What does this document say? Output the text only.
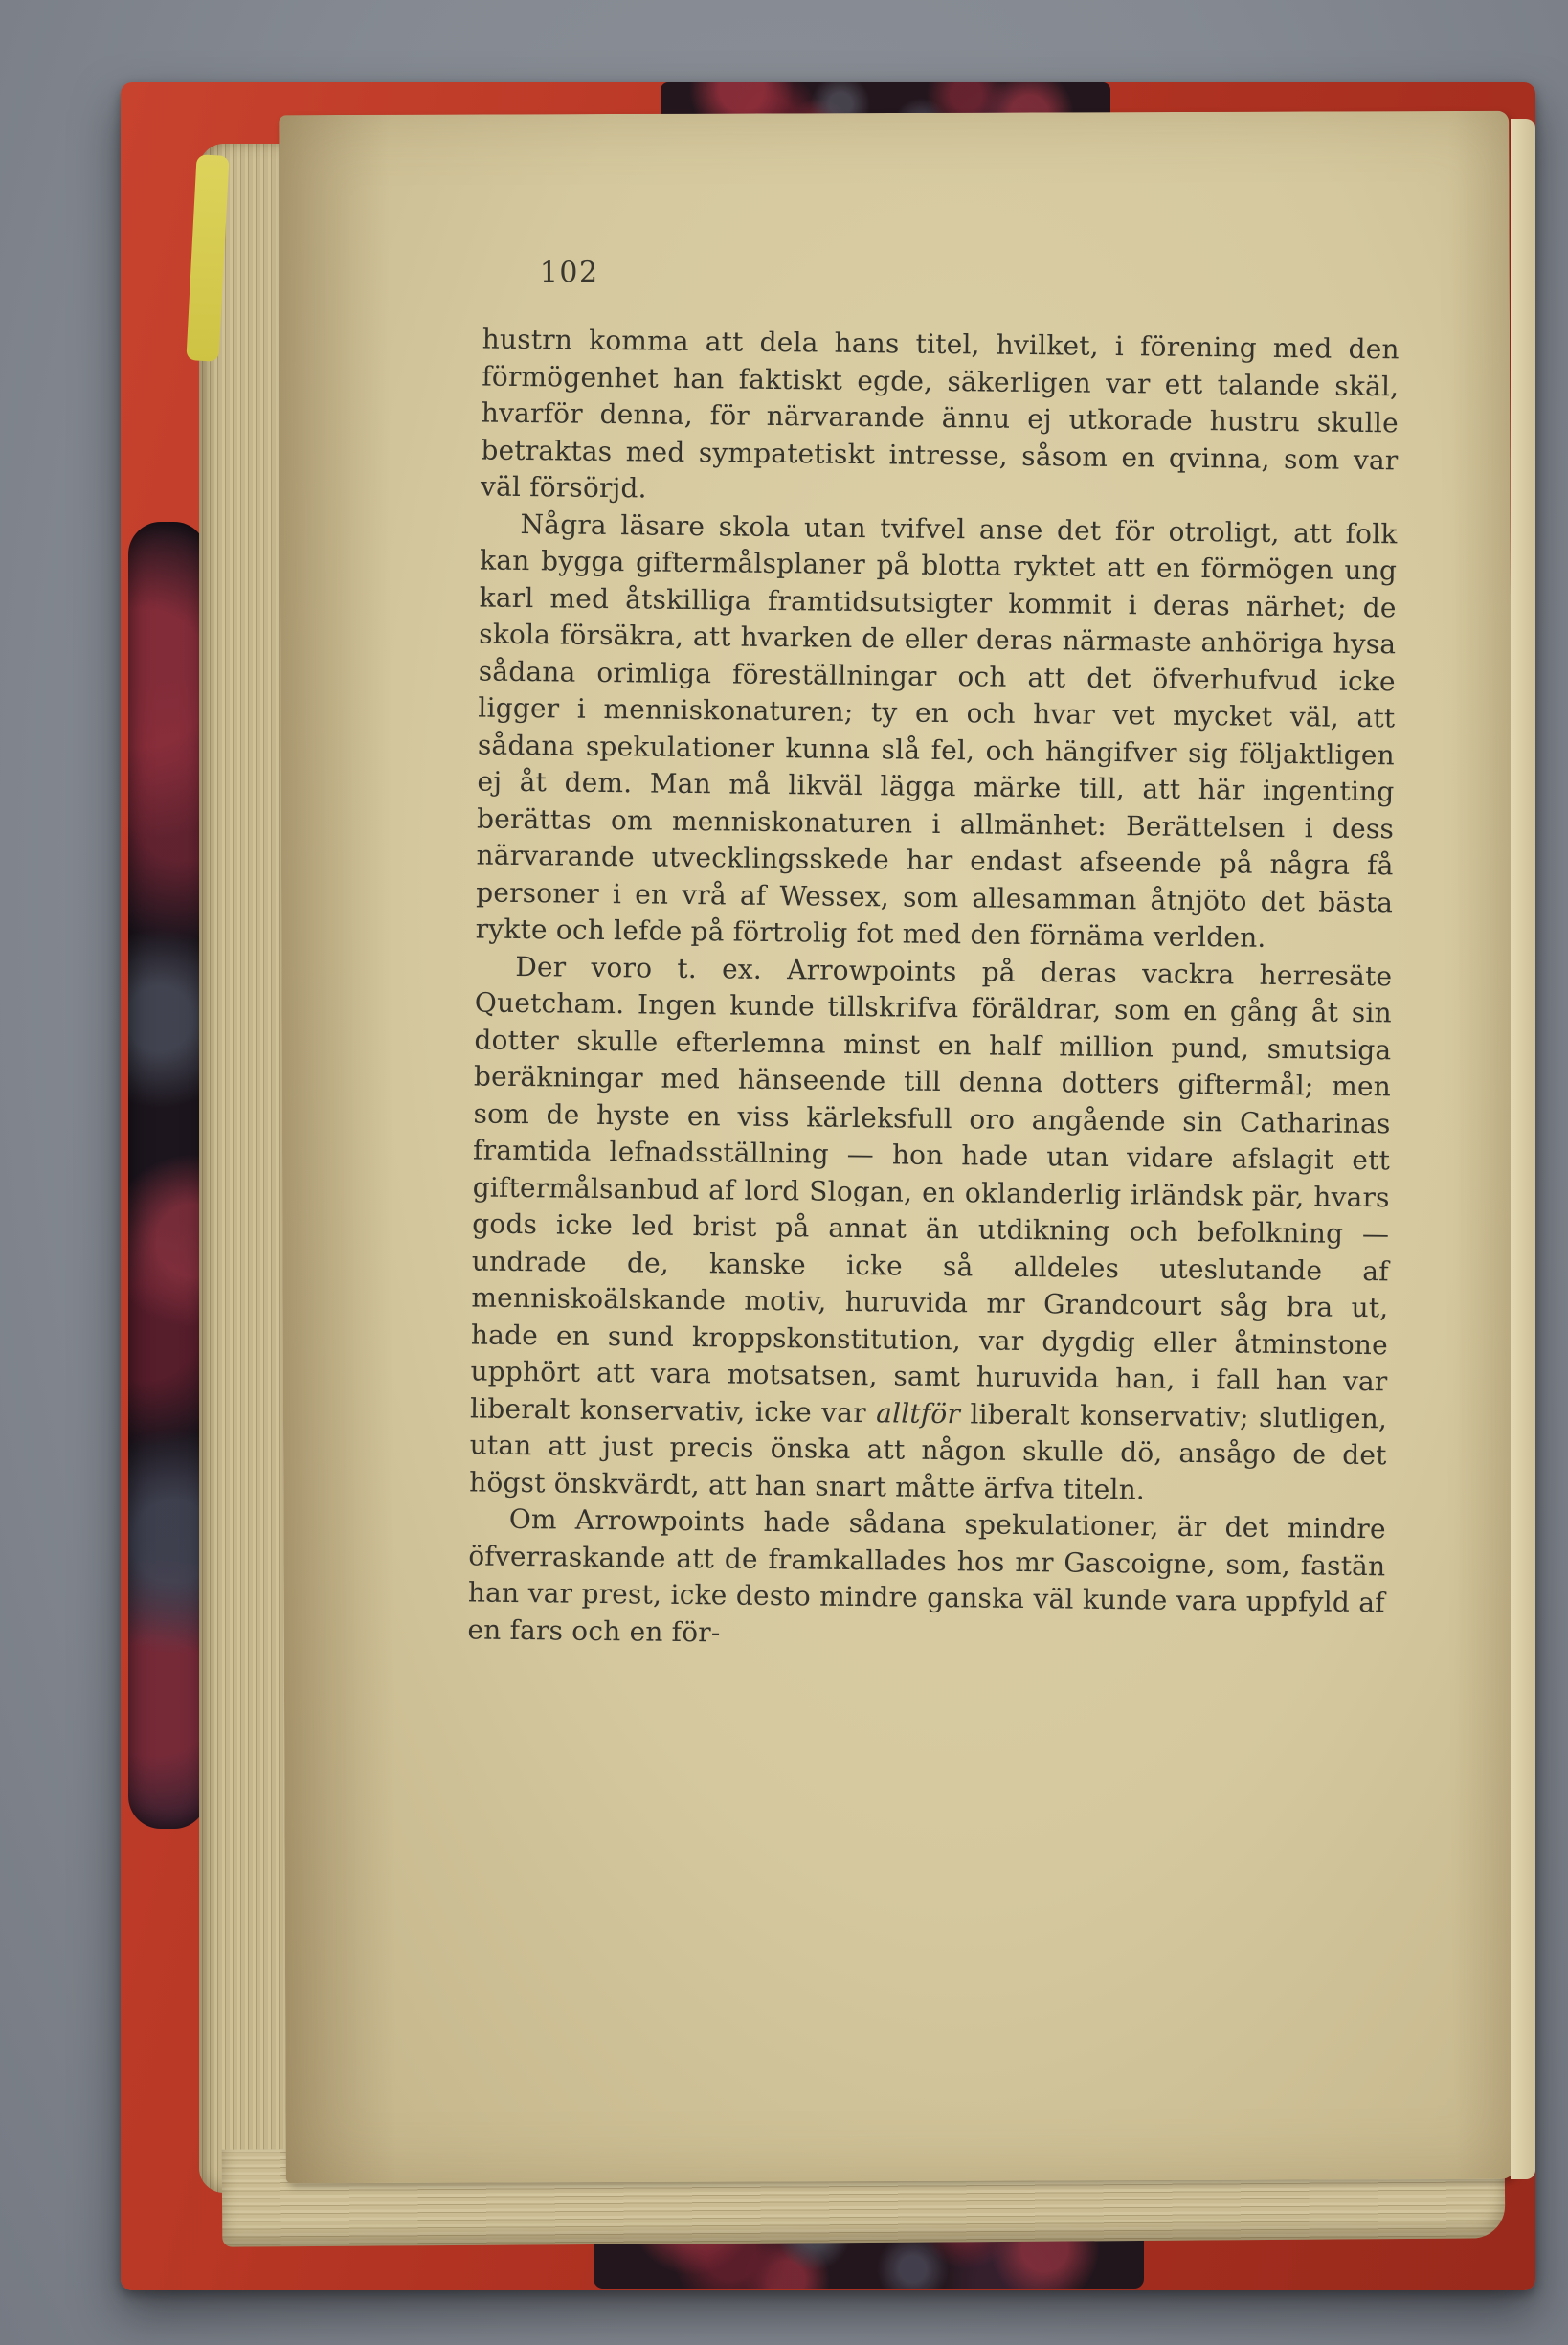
102

hustrn komma att dela hans titel, hvilket, i förening med den förmögenhet han faktiskt egde, säkerligen var ett talande skäl, hvarför denna, för närvarande ännu ej utkorade hustru skulle betraktas med sympatetiskt intresse, såsom en qvinna, som var väl försörjd.

Några läsare skola utan tvifvel anse det för otroligt, att folk kan bygga giftermålsplaner på blotta ryktet att en förmögen ung karl med åtskilliga framtidsutsigter kommit i deras närhet; de skola försäkra, att hvarken de eller deras närmaste anhöriga hysa sådana orimliga föreställningar och att det öfverhufvud icke ligger i menniskonaturen; ty en och hvar vet mycket väl, att sådana spekulationer kunna slå fel, och hängifver sig följaktligen ej åt dem. Man må likväl lägga märke till, att här ingenting berättas om menniskonaturen i allmänhet: Berättelsen i dess närvarande utvecklingsskede har endast afseende på några få personer i en vrå af Wessex, som allesamman åtnjöto det bästa rykte och lefde på förtrolig fot med den förnäma verlden.

Der voro t. ex. Arrowpoints på deras vackra herresäte Quetcham. Ingen kunde tillskrifva föräldrar, som en gång åt sin dotter skulle efterlemna minst en half million pund, smutsiga beräkningar med hänseende till denna dotters giftermål; men som de hyste en viss kärleksfull oro angående sin Catharinas framtida lefnadsställning — hon hade utan vidare afslagit ett giftermålsanbud af lord Slogan, en oklanderlig irländsk pär, hvars gods icke led brist på annat än utdikning och befolkning — undrade de, kanske icke så alldeles uteslutande af menniskoälskande motiv, huruvida mr Grandcourt såg bra ut, hade en sund kroppskonstitution, var dygdig eller åtminstone upphört att vara motsatsen, samt huruvida han, i fall han var liberalt konservativ, icke var alltför liberalt konservativ; slutligen, utan att just precis önska att någon skulle dö, ansågo de det högst önskvärdt, att han snart måtte ärfva titeln.

Om Arrowpoints hade sådana spekulationer, är det mindre öfverraskande att de framkallades hos mr Gascoigne, som, fastän han var prest, icke desto mindre ganska väl kunde vara uppfyld af en fars och en för-
